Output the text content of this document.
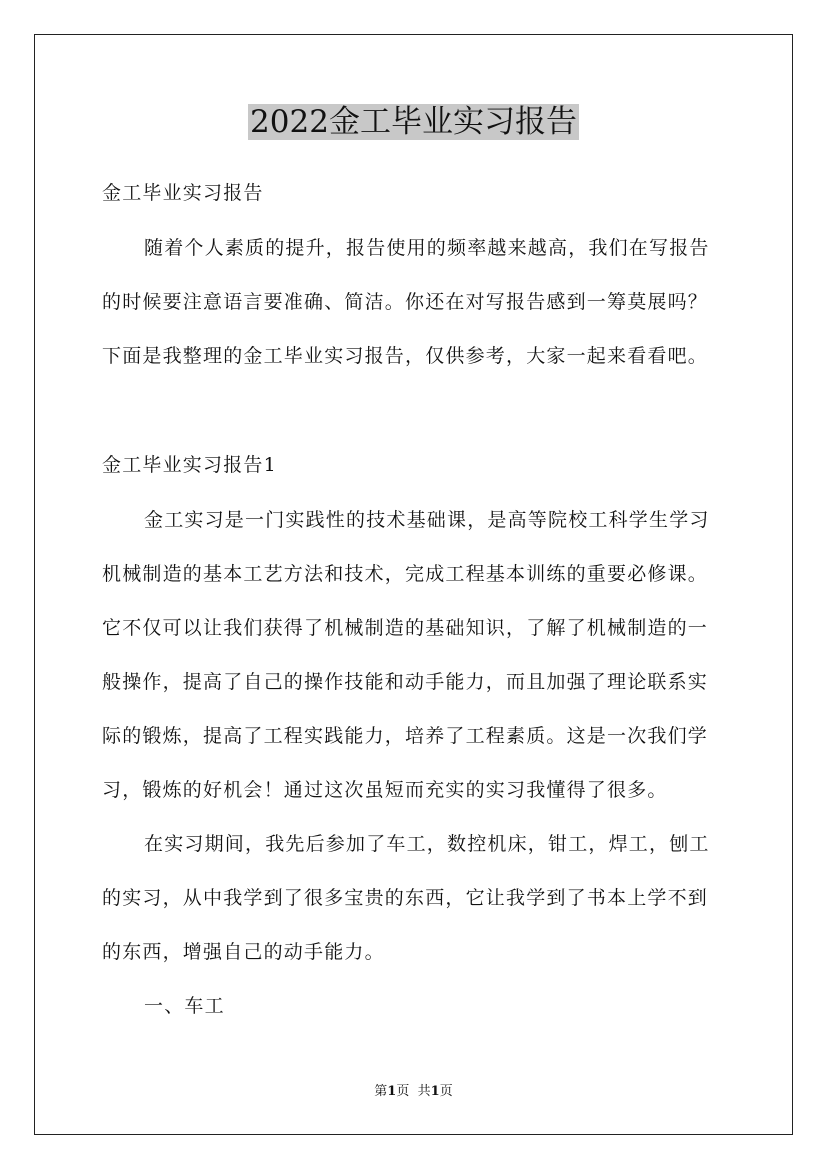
2022金工毕业实习报告

金工毕业实习报告

随着个人素质的提升，报告使用的频率越来越高，我们在写报告

的时候要注意语言要准确、简洁。你还在对写报告感到一筹莫展吗？

下面是我整理的金工毕业实习报告，仅供参考，大家一起来看看吧。

金工毕业实习报告1

金工实习是一门实践性的技术基础课，是高等院校工科学生学习

机械制造的基本工艺方法和技术，完成工程基本训练的重要必修课。

它不仅可以让我们获得了机械制造的基础知识，了解了机械制造的一

般操作，提高了自己的操作技能和动手能力，而且加强了理论联系实

际的锻炼，提高了工程实践能力，培养了工程素质。这是一次我们学

习，锻炼的好机会！通过这次虽短而充实的实习我懂得了很多。

在实习期间，我先后参加了车工，数控机床，钳工，焊工，刨工

的实习，从中我学到了很多宝贵的东西，它让我学到了书本上学不到

的东西，增强自己的动手能力。

一、车工

第1页 共1页
